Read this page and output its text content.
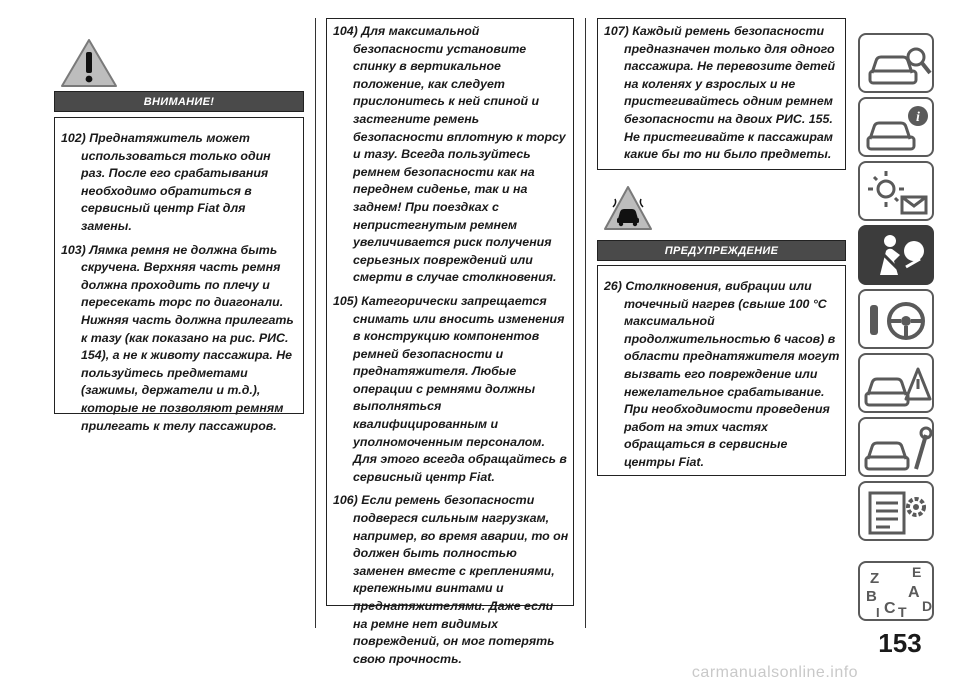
ВНИМАНИЕ!
102) Преднатяжитель может использоваться только один раз. После его срабатывания необходимо обратиться в сервисный центр Fiat для замены.
103) Лямка ремня не должна быть скручена. Верхняя часть ремня должна проходить по плечу и пересекать торс по диагонали. Нижняя часть должна прилегать к тазу (как показано на рис. РИС. 154), а не к животу пассажира. Не пользуйтесь предметами (зажимы, держатели и т.д.), которые не позволяют ремням прилегать к телу пассажиров.
104) Для максимальной безопасности установите спинку в вертикальное положение, как следует прислонитесь к ней спиной и застегните ремень безопасности вплотную к торсу и тазу. Всегда пользуйтесь ремнем безопасности как на переднем сиденье, так и на заднем! При поездках с непристегнутым ремнем увеличивается риск получения серьезных повреждений или смерти в случае столкновения.
105) Категорически запрещается снимать или вносить изменения в конструкцию компонентов ремней безопасности и преднатяжителя. Любые операции с ремнями должны выполняться квалифицированным и уполномоченным персоналом. Для этого всегда обращайтесь в сервисный центр Fiat.
106) Если ремень безопасности подвергся сильным нагрузкам, например, во время аварии, то он должен быть полностью заменен вместе с креплениями, крепежными винтами и преднатяжителями. Даже если на ремне нет видимых повреждений, он мог потерять свою прочность.
107) Каждый ремень безопасности предназначен только для одного пассажира. Не перевозите детей на коленях у взрослых и не пристегивайтесь одним ремнем безопасности на двоих РИС. 155. Не пристегивайте к пассажирам какие бы то ни было предметы.
ПРЕДУПРЕЖДЕНИЕ
26) Столкновения, вибрации или точечный нагрев (свыше 100 °C максимальной продолжительностью 6 часов) в области преднатяжителя могут вызвать его повреждение или нежелательное срабатывание. При необходимости проведения работ на этих частях обращаться в сервисные центры Fiat.
i
Z E
A
B
C T D
I
153
carmanualsonline.info
